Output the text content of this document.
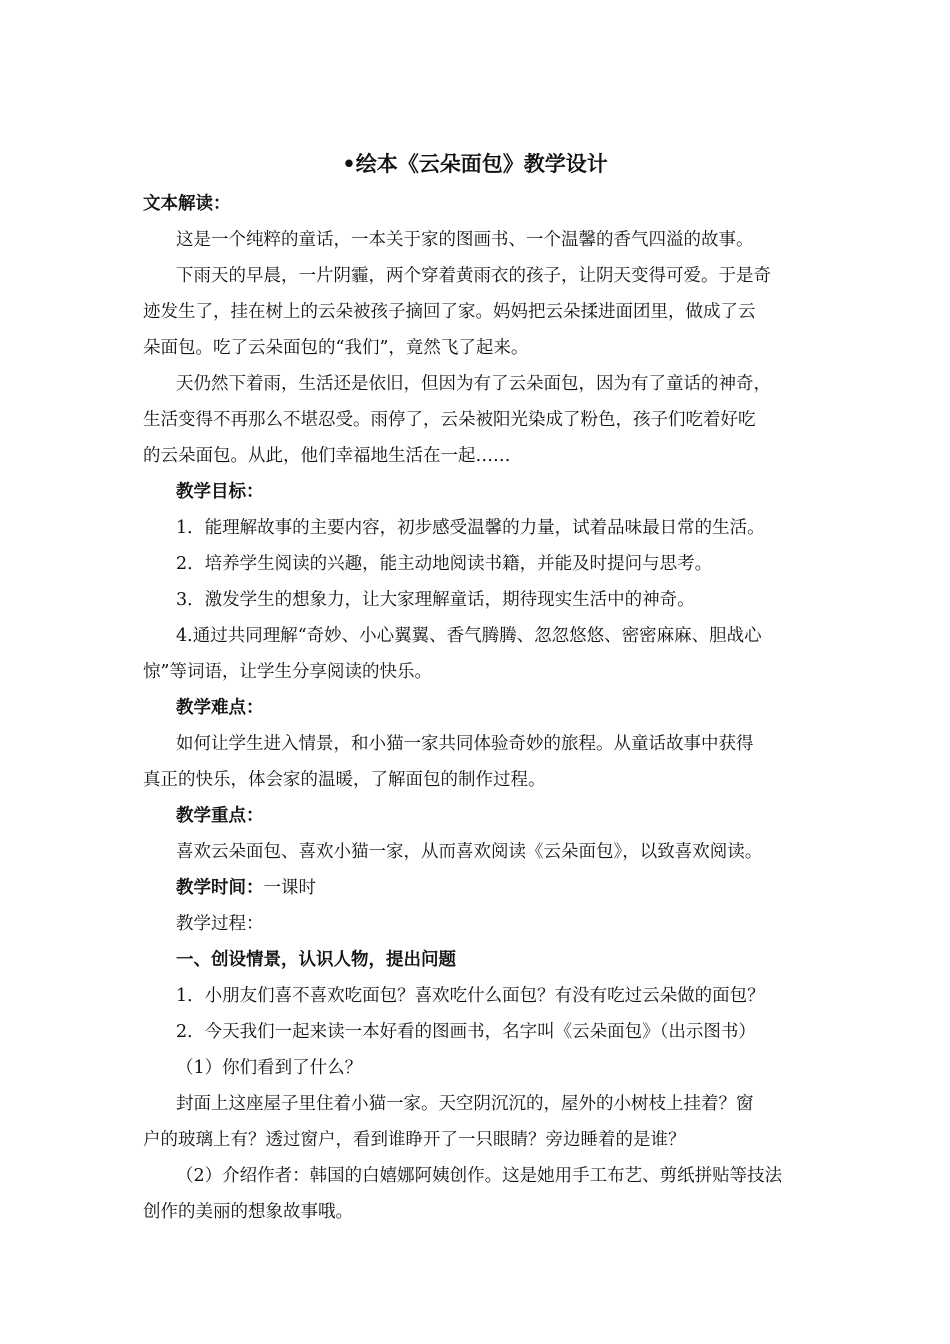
•绘本《云朵面包》教学设计
文本解读：
这是一个纯粹的童话，一本关于家的图画书、一个温馨的香气四溢的故事。
下雨天的早晨，一片阴霾，两个穿着黄雨衣的孩子，让阴天变得可爱。于是奇
迹发生了，挂在树上的云朵被孩子摘回了家。妈妈把云朵揉进面团里，做成了云
朵面包。吃了云朵面包的“我们”，竟然飞了起来。
天仍然下着雨，生活还是依旧，但因为有了云朵面包，因为有了童话的神奇，
生活变得不再那么不堪忍受。雨停了，云朵被阳光染成了粉色，孩子们吃着好吃
的云朵面包。从此，他们幸福地生活在一起……
教学目标：
1．能理解故事的主要内容，初步感受温馨的力量，试着品味最日常的生活。
2．培养学生阅读的兴趣，能主动地阅读书籍，并能及时提问与思考。
3．激发学生的想象力，让大家理解童话，期待现实生活中的神奇。
4.通过共同理解“奇妙、小心翼翼、香气腾腾、忽忽悠悠、密密麻麻、胆战心
惊”等词语，让学生分享阅读的快乐。
教学难点：
如何让学生进入情景，和小猫一家共同体验奇妙的旅程。从童话故事中获得
真正的快乐，体会家的温暖，了解面包的制作过程。
教学重点：
喜欢云朵面包、喜欢小猫一家，从而喜欢阅读《云朵面包》，以致喜欢阅读。
教学时间：一课时
教学过程：
一、创设情景，认识人物，提出问题
1．小朋友们喜不喜欢吃面包？喜欢吃什么面包？有没有吃过云朵做的面包？
2．今天我们一起来读一本好看的图画书，名字叫《云朵面包》（出示图书）
（1）你们看到了什么？
封面上这座屋子里住着小猫一家。天空阴沉沉的，屋外的小树枝上挂着？窗
户的玻璃上有？透过窗户，看到谁睁开了一只眼睛？旁边睡着的是谁？
（2）介绍作者：韩国的白嬉娜阿姨创作。这是她用手工布艺、剪纸拼贴等技法
创作的美丽的想象故事哦。
